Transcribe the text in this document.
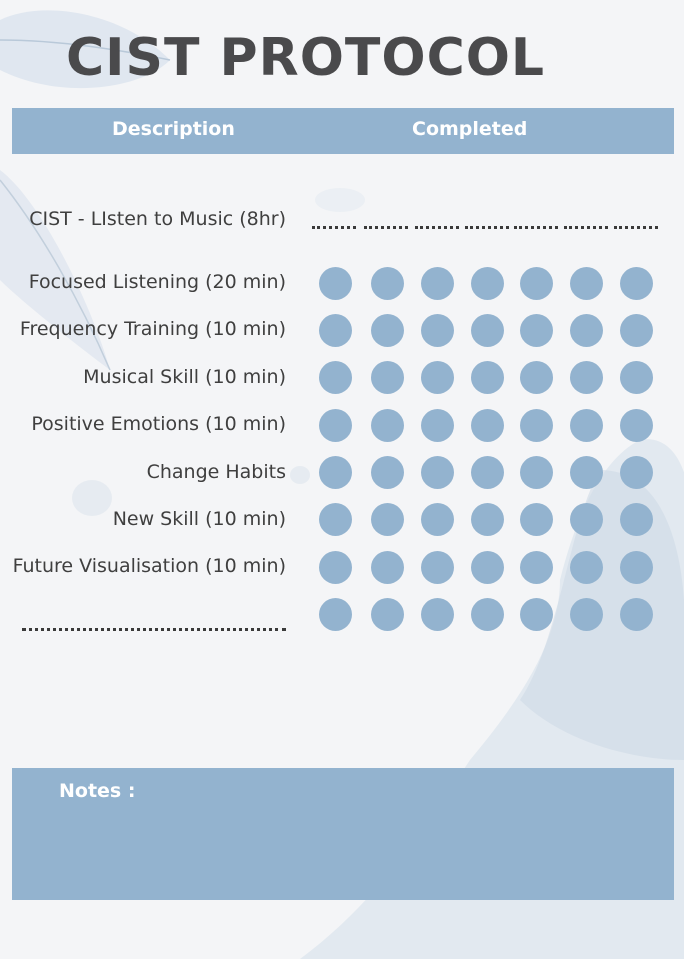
CIST PROTOCOL
Description	Completed
CIST - LIsten to Music (8hr)
Focused Listening (20 min)
Frequency Training (10 min)
Musical Skill (10 min)
Positive Emotions (10 min)
Change Habits
New Skill (10 min)
Future Visualisation (10 min)
Notes :
